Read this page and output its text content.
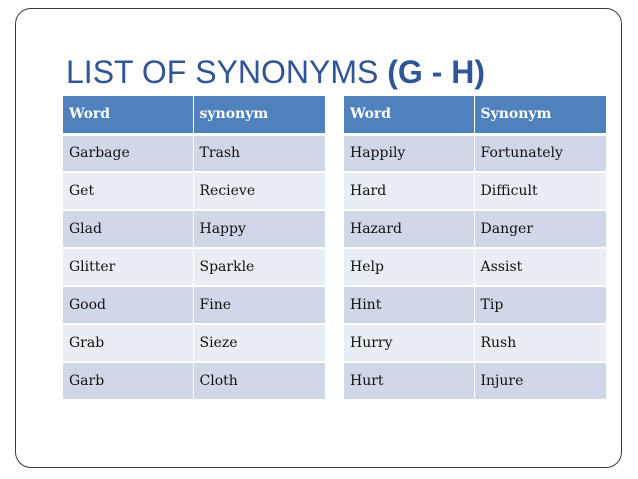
LIST OF SYNONYMS (G - H)
Word	synonym
Garbage	Trash
Get	Recieve
Glad	Happy
Glitter	Sparkle
Good	Fine
Grab	Sieze
Garb	Cloth
Word	Synonym
Happily	Fortunately
Hard	Difficult
Hazard	Danger
Help	Assist
Hint	Tip
Hurry	Rush
Hurt	Injure
